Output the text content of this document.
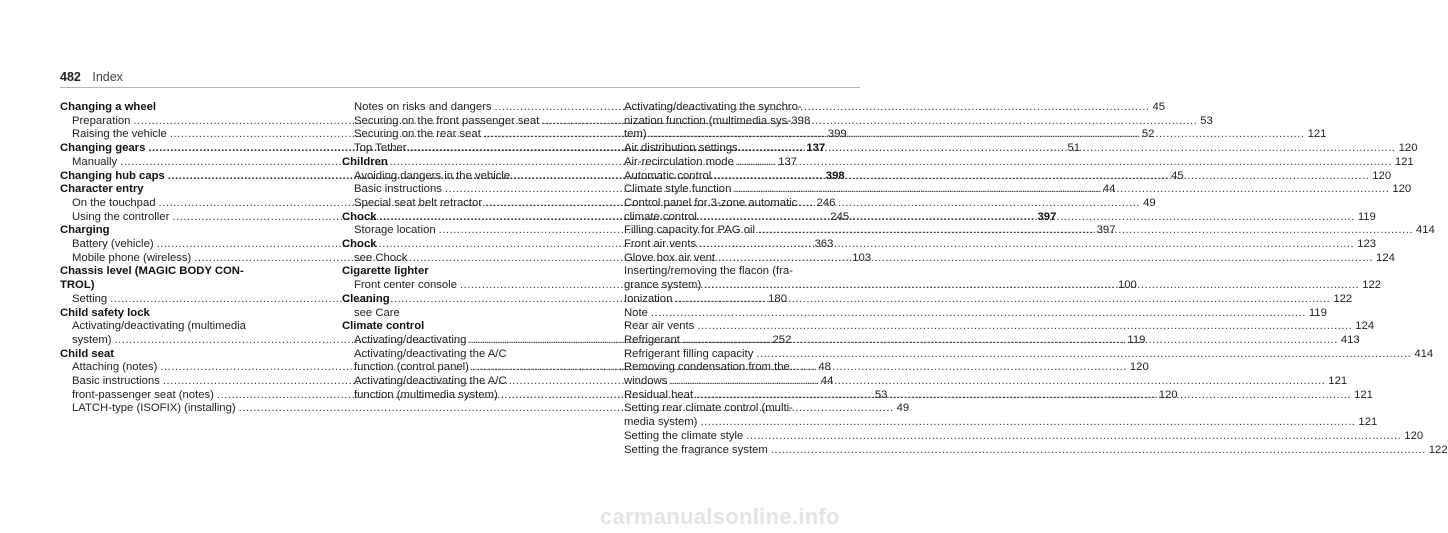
482 Index
Changing a wheel
Preparation .....	398
Raising the vehicle .....	399
Changing gears .....	137
Manually .....	137
Changing hub caps .....	398
Character entry
On the touchpad .....	246
Using the controller .....	245
Charging
Battery (vehicle) .....	363
Mobile phone (wireless) .....	103
Chassis level (MAGIC BODY CON-
TROL)
Setting .....	180
Child safety lock
Activating/deactivating (multimedia
system) .....	252
Child seat
Attaching (notes) .....	48
Basic instructions .....	44
front-passenger seat (notes) .....	53
LATCH-type (ISOFIX) (installing) .....	49
Notes on risks and dangers .....	45
Securing on the front passenger seat .....	53
Securing on the rear seat .....	52
Top Tether .....	51
Children
Avoiding dangers in the vehicle .....	45
Basic instructions .....	44
Special seat belt retractor .....	49
Chock .....	397
Storage location .....	397
Chock
see Chock
Cigarette lighter
Front center console .....	100
Cleaning
see Care
Climate control
Activating/deactivating .....	119
Activating/deactivating the A/C
function (control panel) .....	120
Activating/deactivating the A/C
function (multimedia system) .....	120
Activating/deactivating the synchro-
nization function (multimedia sys-
tem) .....	121
Air distribution settings .....	120
Air-recirculation mode .....	121
Automatic control .....	120
Climate style function .....	120
Control panel for 3-zone automatic
climate control .....	119
Filling capacity for PAG oil .....	414
Front air vents .....	123
Glove box air vent .....	124
Inserting/removing the flacon (fra-
grance system) .....	122
Ionization .....	122
Note .....	119
Rear air vents .....	124
Refrigerant .....	413
Refrigerant filling capacity .....	414
Removing condensation from the
windows .....	121
Residual heat .....	121
Setting rear climate control (multi-
media system) .....	121
Setting the climate style .....	120
Setting the fragrance system .....	122
carmanualsonline.info
